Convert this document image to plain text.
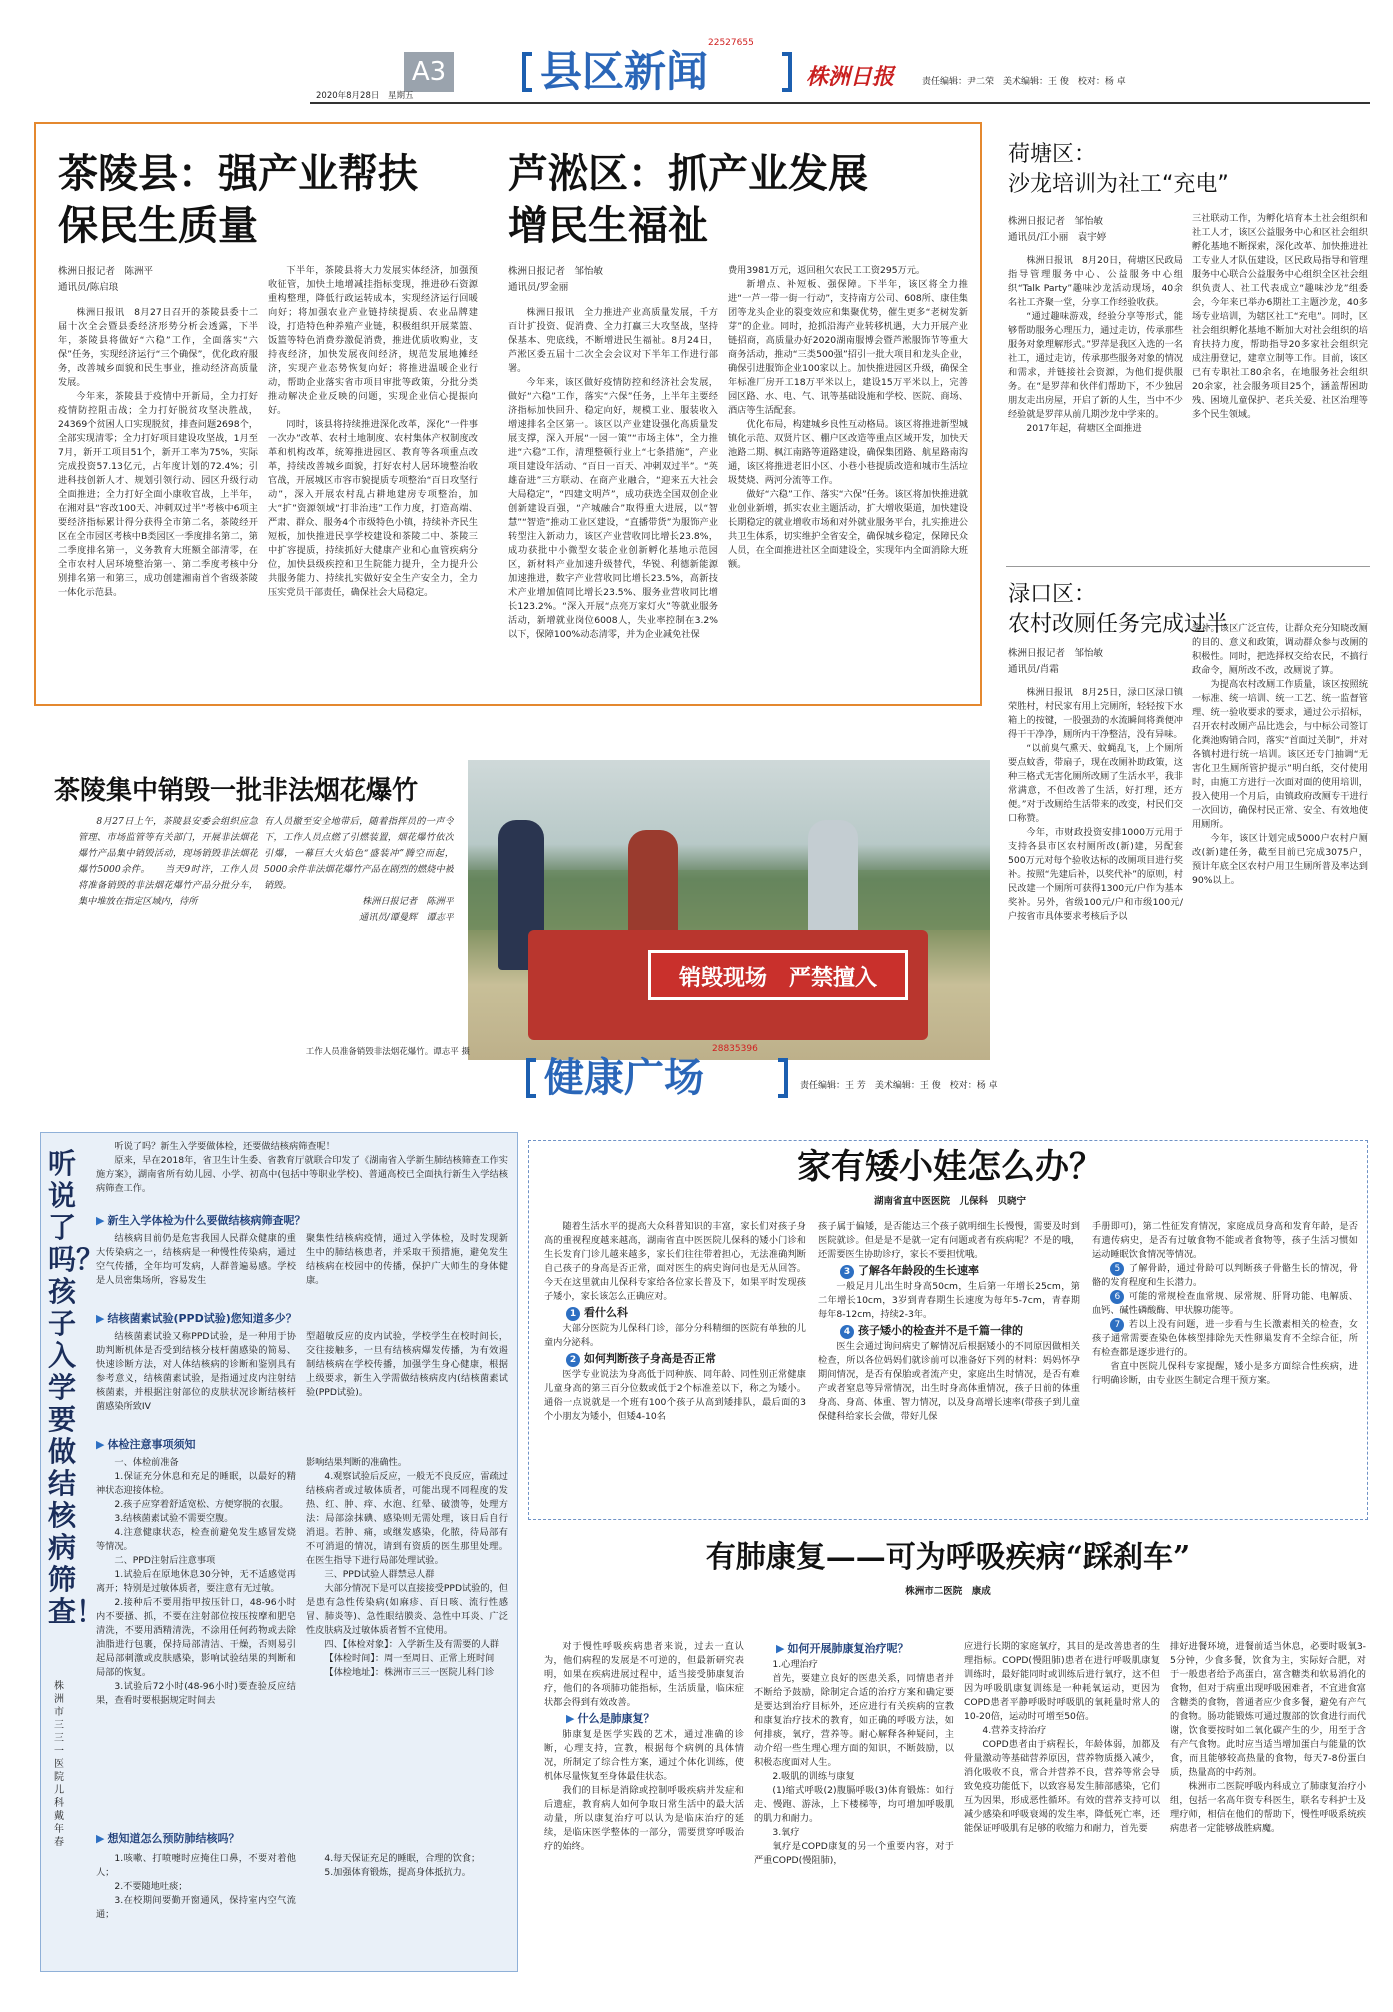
A3
2020年8月28日	星期五	县区新闻
22527655
株洲日报	责任编辑：尹二荣　美术编辑：王 俊　校对：杨 卓
茶陵县：强产业帮扶
保民生质量
株洲日报记者　陈洲平
通讯员/陈启琅

株洲日报讯　8月27日召开的茶陵县委十二届十次全会暨县委经济形势分析会透露，下半年，茶陵县将做好“六稳”工作，全面落实“六保”任务，实现经济运行“三个确保”，优化政府服务，改善城乡面貌和民生事业，推动经济高质量发展。

今年来，茶陵县于疫情中开新局，全力打好疫情防控阻击战；全力打好脱贫攻坚决胜战，24369个贫困人口实现脱贫，排查问题2698个，全部实现清零；全力打好项目建设攻坚战，1月至7月，新开工项目51个，新开工率为75%，实际完成投资57.13亿元，占年度计划的72.4%；引进科技创新人才、规划引领行动、园区升级行动全面推进；全力打好全面小康收官战，上半年，在湘对县“容改100天、冲刺双过半”考核中6项主要经济指标累计得分获得全市第二名，茶陵经开区在全市园区考核中B类园区一季度排名第二，第二季度排名第一，义务教育大班额全部清零，在全市农村人居环境整治第一、第二季度考核中分别排名第一和第三，成功创建湘南首个省级茶陵一体化示范县。

下半年，茶陵县将大力发展实体经济，加强预收征管，加快土地增减挂指标变现，推进砂石资源重构整理，降低行政运转成本，实现经济运行回暖向好；将加强农业产业链持续提质、农业品牌建设，打造特色种养殖产业链，积极组织开展菜篮、饭篮等特色消费券激促消费，推进优质收购业，支持夜经济，加快发展夜间经济，规范发展地摊经济，实现产业态势恢复向好；将推进温暖企业行动，帮助企业落实省市项目审批等政策，分批分类推动解决企业反映的问题，实现企业信心提振向好。

同时，该县将持续推进深化改革，深化“一件事一次办”改革、农村土地制度、农村集体产权制度改革和机构改革，统筹推进园区、教育等各项重点改革，持续改善城乡面貌，打好农村人居环境整治收官战，开展城区市容市貌提质专项整治“百日攻坚行动”，深入开展农村乱占耕地建房专项整治，加大“扩”资源领域“打非治违”工作力度，打造高端、严肃、群众、服务4个市级特色小镇，持续补齐民生短板，加快推进民享学校建设和茶陵二中、茶陵三中扩容提质，持续抓好大健康产业和心血管疾病分位，加快县级疾控和卫生院能力提升，全力提升公共服务能力、持续扎实做好安全生产安全力，全力压实党员干部责任，确保社会大局稳定。

芦淞区：抓产业发展
增民生福祉
株洲日报记者　邹怡敏
通讯员/罗金丽

株洲日报讯　全力推进产业高质量发展，千方百计扩投资、促消费、全力打赢三大攻坚战，坚持保基本、兜底线，不断增进民生福祉。8月24日，芦淞区委五届十二次全会会议对下半年工作进行部署。

今年来，该区做好疫情防控和经济社会发展，做好“六稳”工作，落实“六保”任务，上半年主要经济指标加快回升、稳定向好，规模工业、服装收入增速排名全区第一。该区以产业建设强化高质量发展支撑，深入开展“一园一策”“市场主体”，全力推进“六稳”工作，清理整顿行业上“七条措施”，产业项目建设年活动、“百日一百天、冲刺双过半”。“英雄奋进”三方联动、在商产业融合，“迎来五大社会大局稳定”，“四建文明芦”，成功获选全国双创企业创新建设百强，“产城融合”取得重大进展，以“智慧”“智造”推动工业区建设，“直播带货”为服饰产业转型注入新动力，该区产业营收同比增长23.8%，成功获批中小微型女装企业创新孵化基地示范园区，新材料产业加速升级替代，华锐、利德新能源加速推进，数字产业营收同比增长23.5%，高新技术产业增加值同比增长23.5%、服务业营收同比增长123.2%。“深入开展“点亮万家灯火”等就业服务活动，新增就业岗位6008人，失业率控制在3.2%以下，保障100%动态清零，并为企业减免社保

费用3981万元，返回租欠农民工工资295万元。

新增点、补短板、强保障。下半年，该区将全力推进“一芦一带一街一行动”，支持南方公司、608所、康佳集团等龙头企业的裂变效应和集聚优势，催生更多“老树发新芽”的企业。同时，抢抓沿海产业转移机遇，大力开展产业链招商，高质量办好2020湖南服博会暨芦淞服饰节等重大商务活动，推动“三类500强”招引一批大项目和龙头企业，确保引进服饰企业100家以上。加快推进园区升级，确保全年标准厂房开工18万平米以上，建设15万平米以上，完善园区路、水、电、气、讯等基础设施和学校、医院、商场、酒店等生活配套。

优化布局，构建城乡良性互动格局。该区将推进新型城镇化示范、双贤片区、棚户区改造等重点区域开发，加快天池路二期、枫江南路等道路建设，确保集团路、航星路南沟通，该区将推进老旧小区、小巷小巷提质改造和城市生活垃圾焚烧、两河分流等工作。

做好“六稳”工作、落实“六保”任务。该区将加快推进就业创业新增，抓实农业主题活动，扩大增收渠道，加快建设长期稳定的就业增收市场和对外就业服务平台，扎实推进公共卫生体系，切实维护全省安全，确保城乡稳定，保障民众人员，在全面推进社区全面建设全，实现年内全面消除大班额。

荷塘区：
沙龙培训为社工“充电”
株洲日报记者　邹怡敏
通讯员/江小丽　袁宇婷

株洲日报讯　8月20日，荷塘区民政局指导管理服务中心、公益服务中心组织“Talk Party”趣味沙龙活动现场，40余名社工齐聚一堂，分享工作经验收获。

“通过趣味游戏，经验分享等形式，能够帮助服务心理压力，通过走访，传承那些服务对象理解形式。”罗萍是我区入选的一名社工，通过走访，传承那些服务对象的情况和需求，并链接社会资源，为他们提供服务。在“是罗萍和伙伴们帮助下，不少独居朋友走出房屋，开启了新的人生，当中不少经验就是罗萍从前几期沙龙中学来的。

2017年起，荷塘区全面推进

三社联动工作，为孵化培育本土社会组织和社工人才，该区公益服务中心和区社会组织孵化基地不断探索，深化改革、加快推进社工专业人才队伍建设，区民政局指导和管理服务中心联合公益服务中心组织全区社会组织负责人、社工代表成立“趣味沙龙”组委会，今年来已举办6期社工主题沙龙，40多场专业培训，为辖区社工“充电”。同时，区社会组织孵化基地不断加大对社会组织的培育扶持力度，帮助指导20多家社会组织完成注册登记，建章立制等工作。目前，该区已有专职社工80余名，在地服务社会组织20余家，社会服务项目25个，涵盖帮困助残、困境儿童保护、老兵关爱、社区治理等多个民生领域。

渌口区：
农村改厕任务完成过半
株洲日报记者　邹怡敏
通讯员/肖霜

株洲日报讯　8月25日，渌口区渌口镇荣胜村，村民家有用上完厕所，轻轻按下水箱上的按键，一股强劲的水流瞬间将粪便冲得干干净净，厕所内干净整洁，没有异味。

“以前臭气熏天、蚊蝇乱飞，上个厕所要点蚊香，带扇子，现在改厕补助政策，这种三格式无害化厕所改厕了生活水平，我非常满意，不但改善了生活，好打理，还方便。”对于改厕给生活带来的改变，村民们交口称赞。

今年，市财政投资安排1000万元用于支持各县市区农村厕所改(新)建，另配套500万元对每个验收达标的改厕项目进行奖补。按照“先建后补，以奖代补”的原则，村民改建一个厕所可获得1300元/户作为基本奖补。另外，省级100元/户和市级100元/户按省市具体要求考核后予以

奖补。该区广泛宣传，让群众充分知晓改厕的目的、意义和政策，调动群众参与改厕的积极性。同时，把选择权交给农民，不搞行政命令，厕所改不改，改厕说了算。

为提高农村改厕工作质量，该区按照统一标准、统一培训、统一工艺、统一监督管理、统一验收要求的要求，通过公示招标，召开农村改厕产品比选会，与中标公司签订化粪池购销合同，落实“首面过关制”，并对各镇村进行统一培训。该区还专门抽调“无害化卫生厕所管护提示”明白纸，交付使用时，由施工方进行一次面对面的使用培训，投入使用一个月后，由镇政府改厕专干进行一次回访，确保村民正常、安全、有效地使用厕所。

今年，该区计划完成5000户农村户厕改(新)建任务，截至目前已完成3075户，预计年底全区农村户用卫生厕所普及率达到90%以上。

茶陵集中销毁一批非法烟花爆竹

8月27日上午，茶陵县安委会组织应急管理、市场监管等有关部门，开展非法烟花爆竹产品集中销毁活动，现场销毁非法烟花爆竹5000余件。　　当天9时许，工作人员将准备销毁的非法烟花爆竹产品分批分车，集中堆放在指定区域内，待所

有人员撤至安全地带后，随着指挥员的一声令下，工作人员点燃了引燃装置，烟花爆竹依次引爆，一幕巨大火焰色“盛装冲”腾空而起，5000余件非法烟花爆竹产品在剧烈的燃烧中被销毁。

株洲日报记者　陈洲平

通讯员/谭曼辉　谭志平

销毁现场　严禁擅入
工作人员准备销毁非法烟花爆竹。谭志平 摄
健康广场
28835396
责任编辑：王 芳　美术编辑：王 俊　校对：杨 卓
听说了吗？孩子入学要做结核病筛查！
株洲市三三一医院　儿科　戴年春

听说了吗？新生入学要做体检，还要做结核病筛查呢！

原来，早在2018年，省卫生计生委、省教育厅就联合印发了《湖南省入学新生肺结核筛查工作实施方案》，湖南省所有幼儿园、小学、初高中(包括中等职业学校)、普通高校已全面执行新生入学结核病筛查工作。

▶ 新生入学体检为什么要做结核病筛查呢？

结核病目前仍是危害我国人民群众健康的重大传染病之一，结核病是一种慢性传染病，通过空气传播，全年均可发病，人群普遍易感。学校是人员密集场所，容易发生

聚集性结核病疫情，通过入学体检，及时发现新生中的肺结核患者，并采取干预措施，避免发生结核病在校园中的传播，保护广大师生的身体健康。

▶ 结核菌素试验(PPD试验)您知道多少？

结核菌素试验又称PPD试验，是一种用于协助判断机体是否受到结核分枝杆菌感染的简易、快速诊断方法，对人体结核病的诊断和鉴别具有参考意义，结核菌素试验，是指通过皮内注射结核菌素，并根据注射部位的皮肤状况诊断结核杆菌感染所致IV

型超敏反应的皮内试验，学校学生在校时间长，交往接触多，一旦有结核病爆发传播，为有效遏制结核病在学校传播，加强学生身心健康，根据上级要求，新生入学需做结核病皮内(结核菌素试验(PPD试验)。

▶ 体检注意事项须知

一、体检前准备

1.保证充分休息和充足的睡眠，以最好的精神状态迎接体检。

2.孩子应穿着舒适宽松、方便穿脱的衣服。

3.结核菌素试验不需要空腹。

4.注意健康状态，检查前避免发生感冒发烧等情况。

二、PPD注射后注意事项

1.试验后在原地休息30分钟，无不适感觉再离开；特别是过敏体质者，要注意有无过敏。

2.接种后不要用指甲按压针口，48-96小时内不要搔、抓，不要在注射部位按压按摩和肥皂清洗，不要用酒精清洗，不涂用任何药物或去除油脂进行包裹，保持局部清洁、干燥，否则易引起局部刺激或皮肤感染，影响试验结果的判断和局部的恢复。

3.试验后72小时(48-96小时)要查验反应结果，查看时要根据规定时间去

影响结果判断的准确性。

4.观察试验后反应，一般无不良反应，雷疏过结核病者或过敏体质者，可能出现不同程度的发热、红、肿、痒、水泡、红晕、破溃等，处理方法：局部涂抹碘、感染则无需处理，该日后自行消退。若肿、痛，或继发感染，化脓，待局部有不可消退的情况，请到有资质的医生那里处理。在医生指导下进行局部处理试验。

三、PPD试验人群禁忌人群

大部分情况下是可以直接接受PPD试验的，但是患有急性传染病(如麻疹、百日咳、流行性感冒、肺炎等)、急性眼结膜炎、急性中耳炎、广泛性皮肤病及过敏体质者暂不宜使用。

四、【体检对象】：入学新生及有需要的人群

【体检时间】：周一至周日、正常上班时间

【体检地址】：株洲市三三一医院儿科门诊

▶ 想知道怎么预防肺结核吗？

1.咳嗽、打喷嚏时应掩住口鼻，不要对着他人；

2.不要随地吐痰；

3.在校期间要勤开窗通风，保持室内空气流通；

4.每天保证充足的睡眠，合理的饮食；

5.加强体育锻炼，提高身体抵抗力。

家有矮小娃怎么办？
湖南省直中医医院　儿保科　贝晓宁

随着生活水平的提高大众科普知识的丰富，家长们对孩子身高的重视程度越来越高，湖南省直中医医院儿保科的矮小门诊和生长发育门诊儿越来越多，家长们往往带着担心，无法准确判断自己孩子的身高是否正常，面对医生的病史询问也是无从回答。今天在这里就由儿保科专家给各位家长普及下，如果平时发现孩子矮小，家长该怎么正确应对。

1 看什么科

大部分医院为儿保科门诊，部分分科精细的医院有单独的儿童内分泌科。

2 如何判断孩子身高是否正常

医学专业说法为身高低于同种族、同年龄、同性别正常健康儿童身高的第三百分位数或低于2个标准差以下，称之为矮小。通俗一点说就是一个班有100个孩子从高到矮排队，最后面的3个小朋友为矮小，但矮4-10名

孩子属于偏矮，是否能达三个孩子就明细生长慢慢，需要及时到医院就诊。但是是不是就一定有问题或者有疾病呢？不是的哦，还需要医生协助诊疗，家长不要担忧哦。

3 了解各年龄段的生长速率

一般足月儿出生时身高50cm，生后第一年增长25cm，第二年增长10cm，3岁到青春期生长速度为每年5-7cm，青春期每年8-12cm，持续2-3年。

4 孩子矮小的检查并不是千篇一律的

医生会通过询问病史了解情况后根据矮小的不同原因做相关检查，所以各位妈妈们就诊前可以准备好下列的材料：妈妈怀孕期间情况，是否有保胎或者流产史，家庭出生时情况，是否有难产或者窒息等异常情况，出生时身高体重情况，孩子日前的体重身高、身高、体重、智力情况，以及身高增长速率(带孩子到儿童保健科给家长会做，带好儿保

手册即可)，第二性征发育情况，家庭成员身高和发育年龄，是否有遗传病史，是否有过敏食物不能或者食物等，孩子生活习惯如运动睡眠饮食情况等情况。

5 了解骨龄，通过骨龄可以判断孩子骨骼生长的情况，骨骼的发育程度和生长潜力。

6 可能的常规检查血常规、尿常规、肝肾功能、电解质、血钙、碱性磷酸酶、甲状腺功能等。

7 若以上没有问题，进一步看与生长激素相关的检查，女孩子通常需要查染色体核型排除先天性卵巢发育不全综合征，所有检查都是逐步进行的。

省直中医院儿保科专家提醒，矮小是多方面综合性疾病，进行明确诊断，由专业医生制定合理干预方案。

有肺康复——可为呼吸疾病“踩刹车”
株洲市二医院　康成

对于慢性呼吸疾病患者来说，过去一直认为，他们病程的发展是不可逆的，但最新研究表明，如果在疾病进展过程中，适当接受肺康复治疗，他们的各项肺功能指标，生活质量，临床症状都会得到有效改善。

▶ 什么是肺康复？

肺康复是医学实践的艺术，通过准确的诊断，心理支持，宣教，根据每个病例的具体情况，所制定了综合性方案，通过个体化训练，使机体尽量恢复至身体最佳状态。

我们的目标是消除或控制呼吸疾病并发症和后遗症，教育病人如何争取日常生活中的最大活动量，所以康复治疗可以认为是临床治疗的延续，是临床医学整体的一部分，需要贯穿呼吸治疗的始终。

▶ 如何开展肺康复治疗呢？

1.心理治疗

首先，要建立良好的医患关系，同情患者并不断给予鼓励，除制定合适的治疗方案和确定要是要达到治疗目标外，还应进行有关疾病的宣教和康复治疗技术的教育，如正确的呼吸方法，如何排痰，氧疗，营养等。耐心解释各种疑问，主动介绍一些生理心理方面的知识，不断鼓励，以积极态度面对人生。

2.吸肌的训练与康复

(1)缩式呼吸(2)腹膈呼吸(3)体育锻炼：如行走、慢跑、游泳，上下楼梯等，均可增加呼吸肌的肌力和耐力。

3.氧疗

氧疗是COPD康复的另一个重要内容，对于严重COPD(慢阻肺)，

应进行长期的家庭氧疗，其目的是改善患者的生理指标。COPD(慢阻肺)患者在进行呼吸肌康复训练时，最好能同时或训练后进行氧疗，这不但因为呼吸肌康复训练是一种耗氧运动，更因为COPD患者平静呼吸时呼吸肌的氧耗量时常人的10-20倍，运动时可增至50倍。

4.营养支持治疗

COPD患者由于病程长，年龄体弱，加都及骨量激动等基础营养原因，营养物质摄入减少，消化吸收不良，常合并营养不良，营养等常会导致免疫功能低下，以致容易发生肺部感染，它们互为因果，形成恶性循环。有效的营养支持可以减少感染和呼吸衰竭的发生率，降低死亡率，还能保证呼吸肌有足够的收缩力和耐力，首先要

排好进餐环境，进餐前适当休息，必要时吸氧3-5分钟，少食多餐，饮食为主，实际好合肥，对于一般患者给予高蛋白，富含糖类和软易消化的食物，但对于病重出现呼吸困难者，不宜进食富含糖类的食物，普通者应少食多餐，避免有产气的食物。肠功能锻炼可通过腹部的饮食进行而代谢，饮食要按时如二氧化碳产生的少，用至于含有产气食物。此时应当适当增加蛋白与能量的饮食，而且能够较高热量的食物，每天7-8份蛋白质，热量高的中药剂。

株洲市二医院呼吸内科成立了肺康复治疗小组，包括一名高年资专科医生，联名专科护士及理疗师，相信在他们的帮助下，慢性呼吸系统疾病患者一定能够战胜病魔。
